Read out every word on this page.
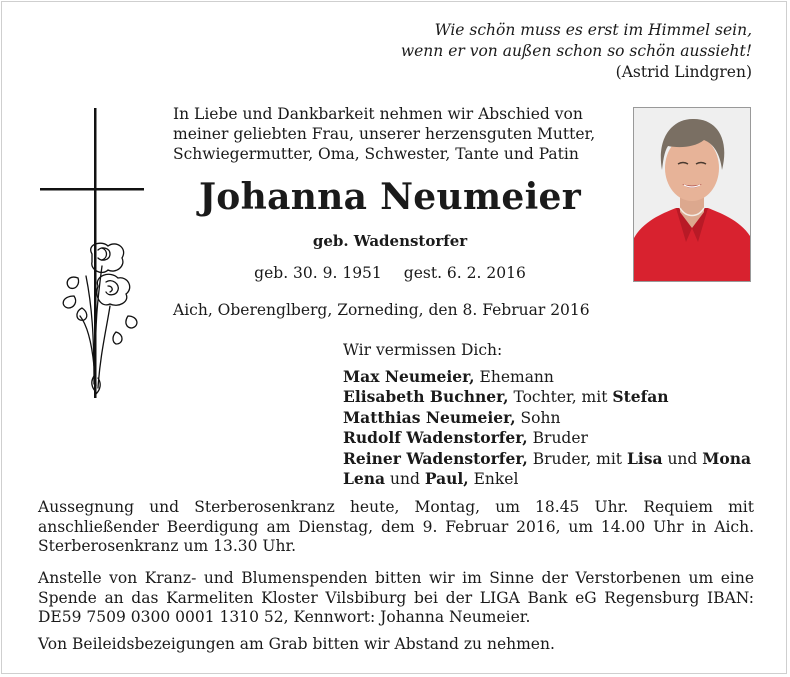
Wie schön muss es erst im Himmel sein,
wenn er von außen schon so schön aussieht!
(Astrid Lindgren)
In Liebe und Dankbarkeit nehmen wir Abschied von
meiner geliebten Frau, unserer herzensguten Mutter,
Schwiegermutter, Oma, Schwester, Tante und Patin
Johanna Neumeier
geb. Wadenstorfer
geb. 30. 9. 1951 gest. 6. 2. 2016
Aich, Oberenglberg, Zorneding, den 8. Februar 2016
Wir vermissen Dich:
Max Neumeier, Ehemann
Elisabeth Buchner, Tochter, mit Stefan
Matthias Neumeier, Sohn
Rudolf Wadenstorfer, Bruder
Reiner Wadenstorfer, Bruder, mit Lisa und Mona
Lena und Paul, Enkel
Aussegnung und Sterberosenkranz heute, Montag, um 18.45 Uhr. Requiem mit anschließender Beerdigung am Dienstag, dem 9. Februar 2016, um 14.00 Uhr in Aich. Sterberosenkranz um 13.30 Uhr.
Anstelle von Kranz- und Blumenspenden bitten wir im Sinne der Verstorbenen um eine Spende an das Karmeliten Kloster Vilsbiburg bei der LIGA Bank eG Regensburg IBAN: DE59 7509 0300 0001 1310 52, Kennwort: Johanna Neumeier.
Von Beileidsbezeigungen am Grab bitten wir Abstand zu nehmen.
